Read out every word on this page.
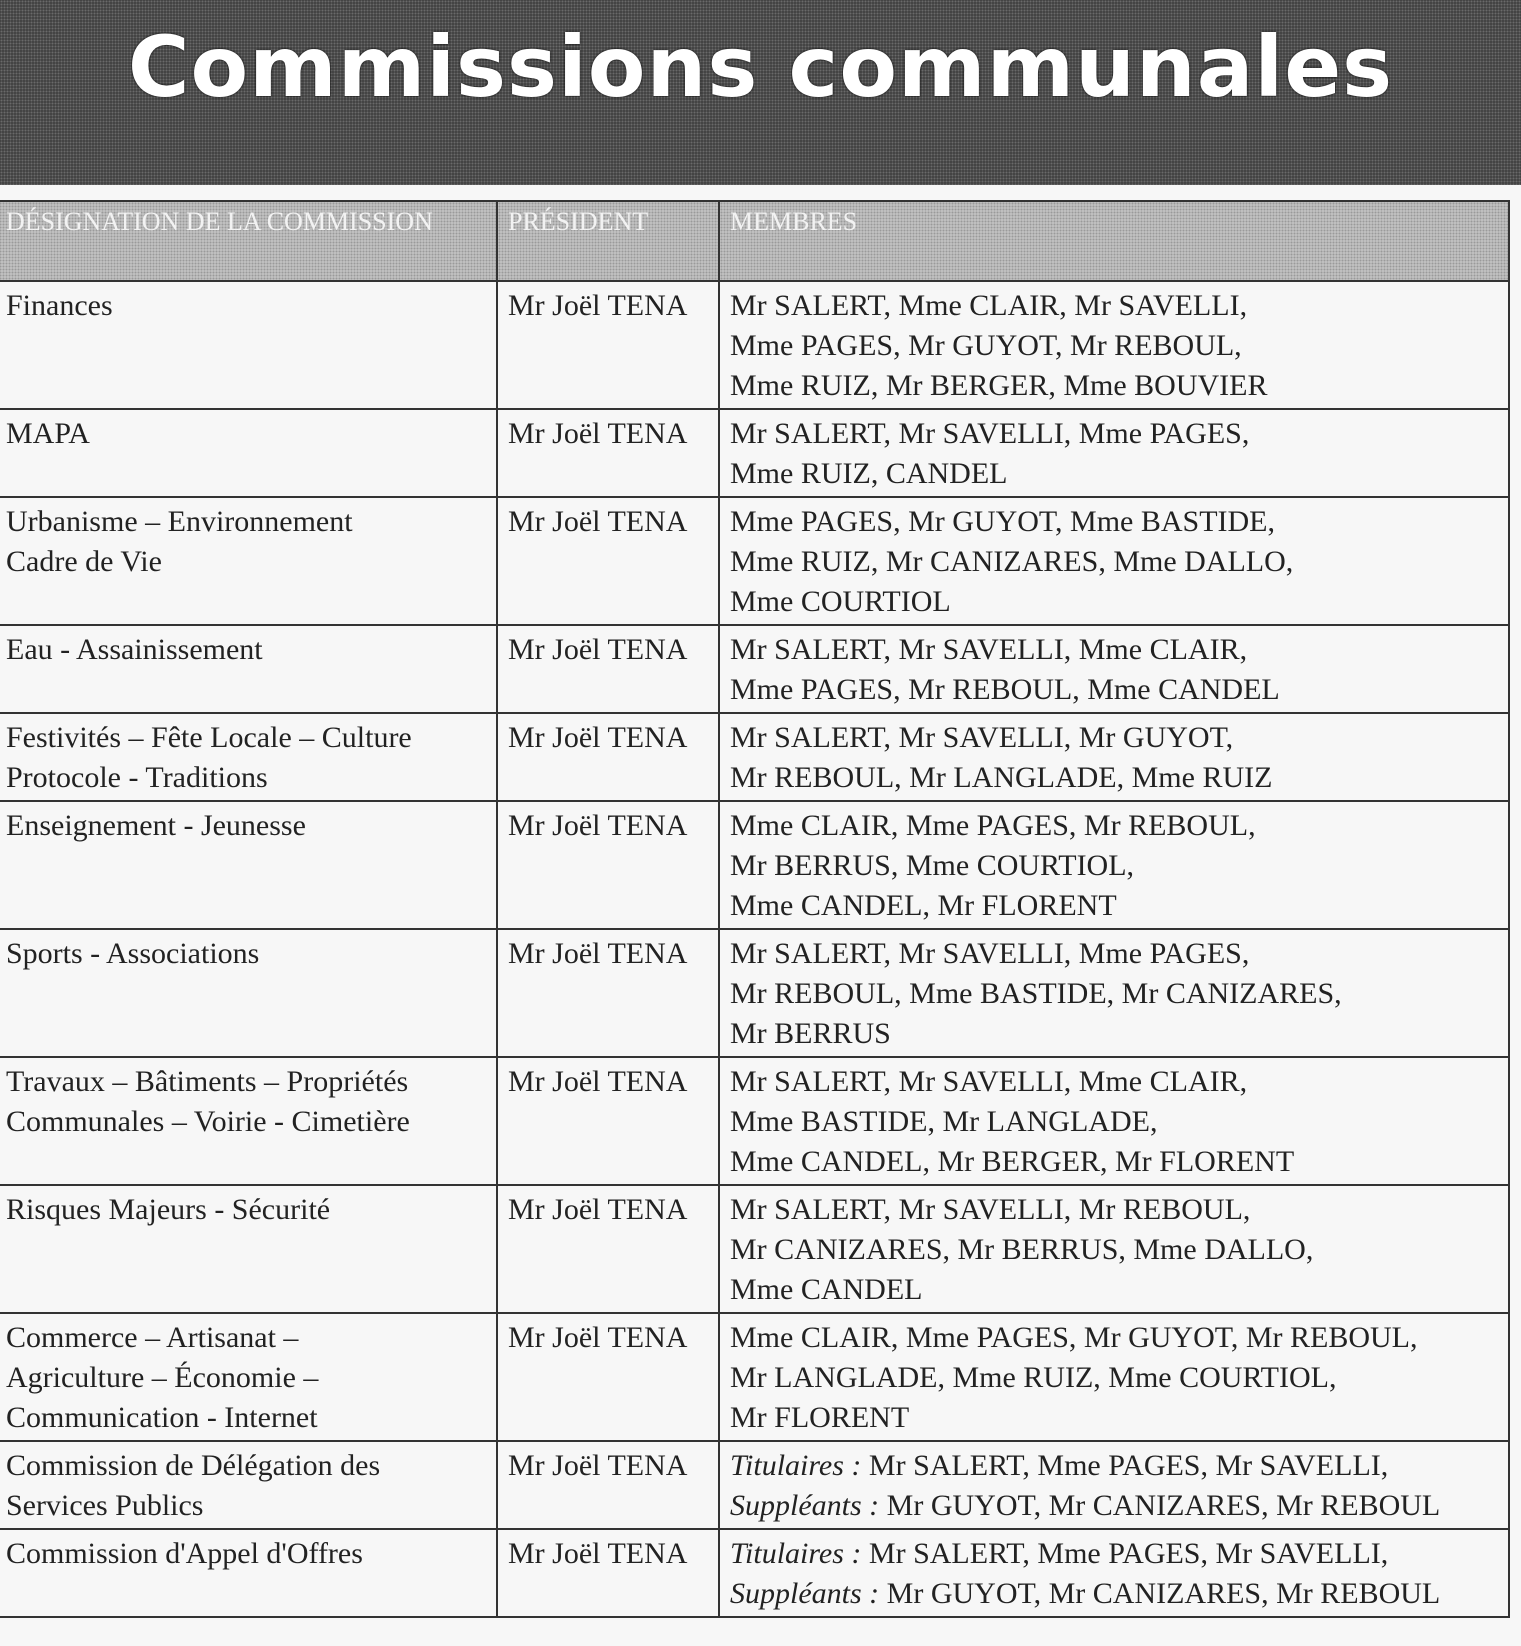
Commissions communales
DÉSIGNATION DE LA COMMISSION	PRÉSIDENT	MEMBRES

Finances	Mr Joël TENA	Mr SALERT, Mme CLAIR, Mr SAVELLI,
Mme PAGES, Mr GUYOT, Mr REBOUL,
Mme RUIZ, Mr BERGER, Mme BOUVIER

MAPA	Mr Joël TENA	Mr SALERT, Mr SAVELLI, Mme PAGES,
Mme RUIZ, CANDEL

Urbanisme – Environnement
Cadre de Vie	Mr Joël TENA	Mme PAGES, Mr GUYOT, Mme BASTIDE,
Mme RUIZ, Mr CANIZARES, Mme DALLO,
Mme COURTIOL

Eau - Assainissement	Mr Joël TENA	Mr SALERT, Mr SAVELLI, Mme CLAIR,
Mme PAGES, Mr REBOUL, Mme CANDEL

Festivités – Fête Locale – Culture
Protocole - Traditions	Mr Joël TENA	Mr SALERT, Mr SAVELLI, Mr GUYOT,
Mr REBOUL, Mr LANGLADE, Mme RUIZ

Enseignement - Jeunesse	Mr Joël TENA	Mme CLAIR, Mme PAGES, Mr REBOUL,
Mr BERRUS, Mme COURTIOL,
Mme CANDEL, Mr FLORENT

Sports - Associations	Mr Joël TENA	Mr SALERT, Mr SAVELLI, Mme PAGES,
Mr REBOUL, Mme BASTIDE, Mr CANIZARES,
Mr BERRUS

Travaux – Bâtiments – Propriétés
Communales – Voirie - Cimetière	Mr Joël TENA	Mr SALERT, Mr SAVELLI, Mme CLAIR,
Mme BASTIDE, Mr LANGLADE,
Mme CANDEL, Mr BERGER, Mr FLORENT

Risques Majeurs - Sécurité	Mr Joël TENA	Mr SALERT, Mr SAVELLI, Mr REBOUL,
Mr CANIZARES, Mr BERRUS, Mme DALLO,
Mme CANDEL

Commerce – Artisanat –
Agriculture – Économie –
Communication - Internet	Mr Joël TENA	Mme CLAIR, Mme PAGES, Mr GUYOT, Mr REBOUL,
Mr LANGLADE, Mme RUIZ, Mme COURTIOL,
Mr FLORENT

Commission de Délégation des
Services Publics	Mr Joël TENA	Titulaires : Mr SALERT, Mme PAGES, Mr SAVELLI,
Suppléants : Mr GUYOT, Mr CANIZARES, Mr REBOUL

Commission d'Appel d'Offres	Mr Joël TENA	Titulaires : Mr SALERT, Mme PAGES, Mr SAVELLI,
Suppléants : Mr GUYOT, Mr CANIZARES, Mr REBOUL
